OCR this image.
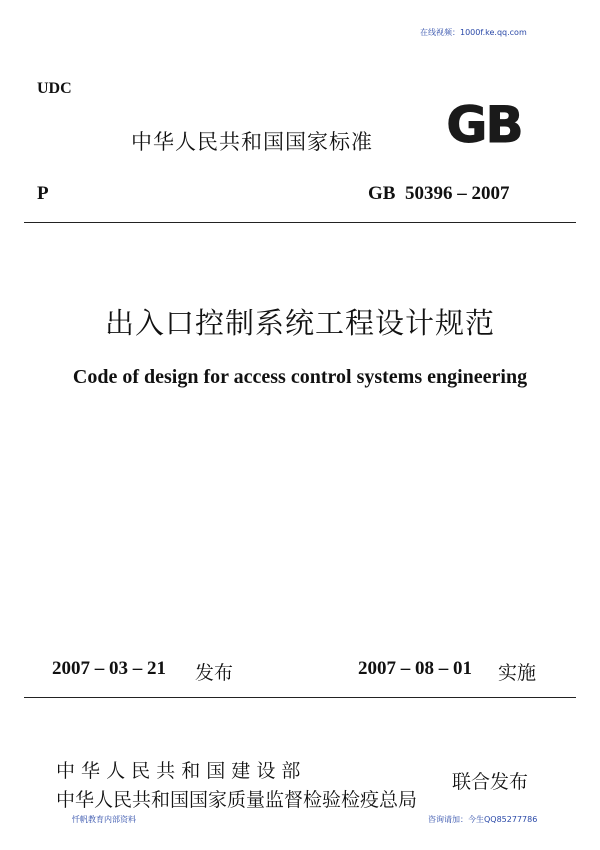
在线视频：1000f.ke.qq.com
UDC
中华人民共和国国家标准 GB
P	GB  50396 – 2007
出入口控制系统工程设计规范
Code of design for access control systems engineering
2007 – 03 – 21 发布	2007 – 08 – 01 实施
中 华 人 民 共 和 国 建 设 部
中华人民共和国国家质量监督检验检疫总局
联合发布
忏帆教育内部资料	咨询请加：今生QQ85277786
